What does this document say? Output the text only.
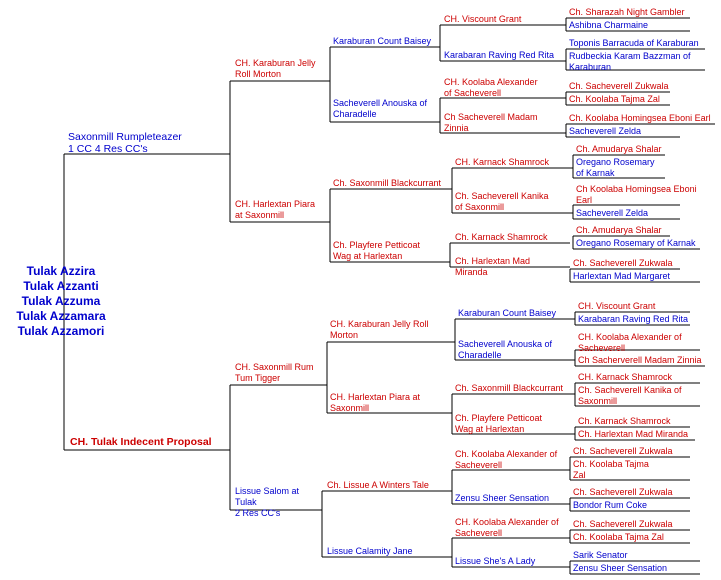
Tulak Azzira
Tulak Azzanti
Tulak Azzuma
Tulak Azzamara
Tulak Azzamori
Saxonmill Rumpleteazer
1 CC 4 Res CC's
CH. Tulak Indecent Proposal
CH. Karaburan Jelly
Roll Morton
CH. Harlextan Piara
at Saxonmill
CH. Saxonmill Rum
Tum Tigger
Lissue Salom at
Tulak
2 Res CC's
Karaburan Count Baisey
Sacheverell Anouska of
Charadelle
Ch. Saxonmill Blackcurrant
Ch. Playfere Petticoat
Wag at Harlextan
CH. Karaburan Jelly Roll
Morton
CH. Harlextan Piara at
Saxonmill
Ch. Lissue A Winters Tale
Lissue Calamity Jane
CH. Viscount Grant
Karabaran Raving Red Rita
CH. Koolaba Alexander
of Sacheverell
Ch Sacheverell Madam
Zinnia
CH. Karnack Shamrock
Ch. Sacheverell Kanika
of Saxonmill
Ch. Karnack Shamrock
Ch. Harlextan Mad
Miranda
Karaburan Count Baisey
Sacheverell Anouska of
Charadelle
Ch. Saxonmill Blackcurrant
Ch. Playfere Petticoat
Wag at Harlextan
Ch. Koolaba Alexander of
Sacheverell
Zensu Sheer Sensation
CH. Koolaba Alexander of
Sacheverell
Lissue She's A Lady
Ch. Sharazah Night Gambler
Ashibna Charmaine
Toponis Barracuda of Karaburan
Rudbeckia Karam Bazzman of
Karaburan
Ch. Sacheverell Zukwala
Ch. Koolaba Tajma Zal
Ch. Koolaba Homingsea Eboni Earl
Sacheverell Zelda
Ch. Amudarya Shalar
Oregano Rosemary
of Karnak
Ch Koolaba Homingsea Eboni
Earl
Sacheverell Zelda
Ch. Amudarya Shalar
Oregano Rosemary of Karnak
Ch. Sacheverell Zukwala
Harlextan Mad Margaret
CH. Viscount Grant
Karabaran Raving Red Rita
CH. Koolaba Alexander of
Sacheverell
Ch Sacherverell Madam Zinnia
CH. Karnack Shamrock
Ch. Sacheverell Kanika of
Saxonmill
Ch. Karnack Shamrock
Ch. Harlextan Mad Miranda
Ch. Sacheverell Zukwala
Ch. Koolaba Tajma
Zal
Ch. Sacheverell Zukwala
Bondor Rum Coke
Ch. Sacheverell Zukwala
Ch. Koolaba Tajma Zal
Sarik Senator
Zensu Sheer Sensation
